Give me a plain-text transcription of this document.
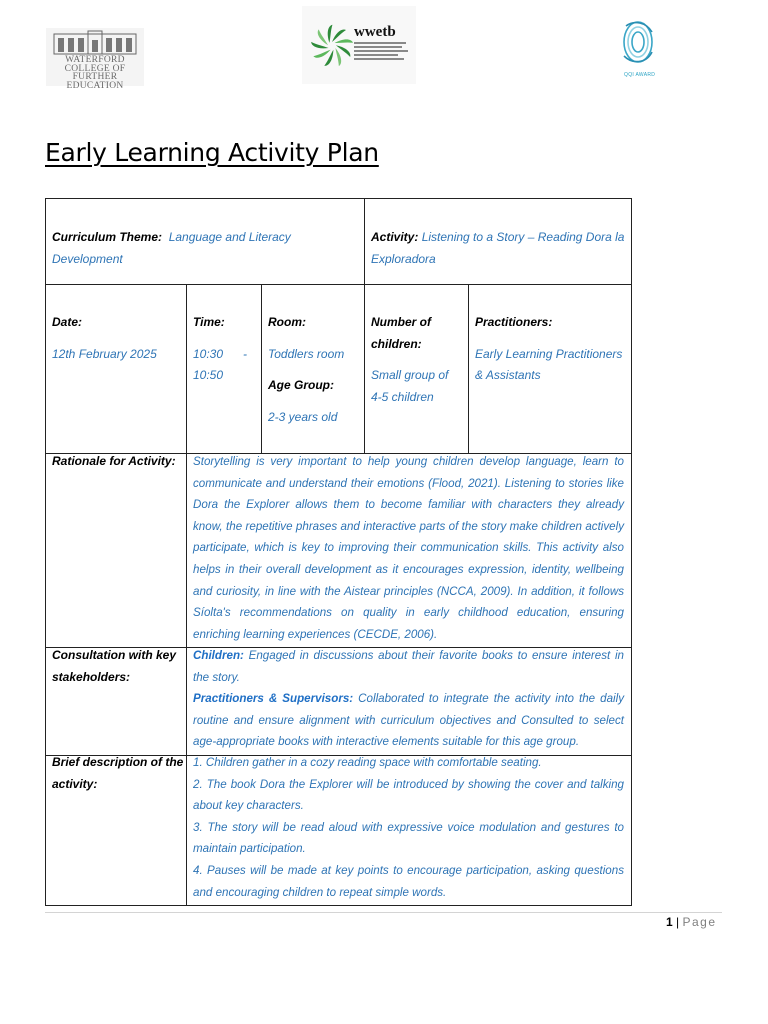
WATERFORD
COLLEGE OF
FURTHER
EDUCATION
wwetb
QQI AWARD
Early Learning Activity Plan
Curriculum Theme: Language and Literacy
Development
Activity: Listening to a Story – Reading Dora la
Exploradora
Date:
12th February 2025
Time:
10:30      -
10:50
Room:
Toddlers room
Age Group:
2-3 years old
Number of
children:
Small group of
4-5 children
Practitioners:
Early Learning Practitioners
& Assistants
Rationale for Activity:	Storytelling is very important to help young children develop language, learn to communicate and understand their emotions (Flood, 2021). Listening to stories like Dora the Explorer allows them to become familiar with characters they already know, the repetitive phrases and interactive parts of the story make children actively participate, which is key to improving their communication skills. This activity also helps in their overall development as it encourages expression, identity, wellbeing and curiosity, in line with the Aistear principles (NCCA, 2009). In addition, it follows Síolta's recommendations on quality in early childhood education, ensuring enriching learning experiences (CECDE, 2006).
Consultation with key
stakeholders:
Children: Engaged in discussions about their favorite books to ensure interest in the story.
Practitioners & Supervisors: Collaborated to integrate the activity into the daily routine and ensure alignment with curriculum objectives and Consulted to select age-appropriate books with interactive elements suitable for this age group.
Brief description of the
activity:
1. Children gather in a cozy reading space with comfortable seating.
2. The book Dora the Explorer will be introduced by showing the cover and talking about key characters.
3. The story will be read aloud with expressive voice modulation and gestures to maintain participation.
4. Pauses will be made at key points to encourage participation, asking questions and encouraging children to repeat simple words.
1 | Page
